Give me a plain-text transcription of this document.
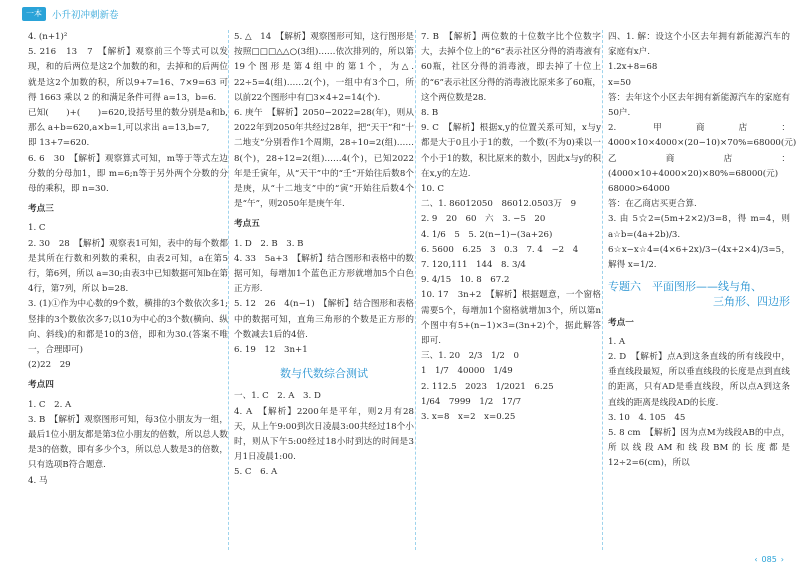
一本	小升初冲刺新卷

4. (n+1)²

5. 216　13　7　【解析】观察前三个等式可以发现，和的后两位是这2个加数的和，去掉和的后两位就是这2个加数的积，所以9+7=16、7×9=63 可得 1663 乘以 2 的和满足条件可得 a=13，b=6.

已知(　　)+(　　)=620,设括号里的数分别是a和b,那么 a+b=620,a×b=1,可以求出 a=13,b=7,

即 13+7=620.

6. 6　30　【解析】观察算式可知，m等于等式左边分数的分母加1，即 m=6;n等于另外两个分数的分母的乘积，即 n=30.

考点三

1. C

2. 30　28　【解析】观察表1可知，表中的每个数都是其所在行数和列数的乘积，由表2可知，a在第5行，第6列，所以 a=30;由表3中已知数据可知b在第4行，第7列，所以 b=28.

3. (1)①作为中心数的9个数，横排的3个数依次多1;竖排的3个数依次多7;以10为中心的3个数(横向、纵向、斜线)的和都是10的3倍，即和为30.(答案不唯一，合理即可)

(2)22　29

考点四

1. C　2. A

3. B　【解析】观察图形可知，每3位小朋友为一组，最后1位小朋友都是第3位小朋友的倍数，所以总人数是3的倍数，即有多少个3，所以总人数是3的倍数，只有选项B符合题意.

4. 马

5. △　14　【解析】观察图形可知，这行图形是按照□□□△△○(3组)……依次排列的，所以第19个图形是第4组中的第1个，为△. 22÷5=4(组)……2(个)，一组中有3个□，所以前22个图形中有□3×4+2=14(个).

6. 庚午　【解析】2050−2022=28(年)，则从2022年到2050年共经过28年，把“天干”和“十二地支”分别看作1个周期，28÷10=2(组)……8(个)，28÷12=2(组)……4(个)，已知2022年是壬寅年，从“天干”中的“壬”开始往后数8个是庚，从“十二地支”中的“寅”开始往后数4个是“午”，则2050年是庚午年.

考点五

1. D　2. B　3. B

4. 33　5a+3　【解析】结合图形和表格中的数据可知，每增加1个蓝色正方形就增加5个白色正方形.

5. 12　26　4(n−1)　【解析】结合图形和表格中的数据可知，直角三角形的个数是正方形的个数减去1后的4倍.

6. 19　12　3n+1

数与代数综合测试

一、1. C　2. A　3. D

4. A　【解析】2200年是平年，则2月有28天，从上午9:00到次日凌晨3:00共经过18个小时，则从下午5:00经过18小时到达的时间是3月1日凌晨1:00.

5. C　6. A

7. B　【解析】两位数的十位数字比个位数字大，去掉个位上的“6”表示社区分得的消毒液有60瓶，社区分得的消毒液，即去掉了十位上的“6”表示社区分得的消毒液比原来多了60瓶，这个两位数是28.

8. B

9. C　【解析】根据x,y的位置关系可知，x与y都是大于0且小于1的数，一个数(不为0)乘以一个小于1的数，积比原来的数小，因此x与y的积在x,y的左边.

10. C

二、1. 86012050　86012.0503万　9

2. 9　20　60　六　3. −5　20

4. 1/6　5　5. 2(n−1)−(3a+26)

6. 5600　6.25　3　0.3　7. 4　−2　4

7. 120,111　144　8. 3/4

9. 4/15　10. 8　67.2

10. 17　3n+2　【解析】根据题意，一个窗格需要5个，每增加1个窗格就增加3个，所以第n个图中有5+(n−1)×3=(3n+2)个，据此解答即可.

三、1. 20　2/3　1/2　0

1　1/7　40000　1/49

2. 112.5　2023　1/2021　6.25

1/64　7999　1/2　17/7

3. x=8　x=2　x=0.25

四、1. 解：设这个小区去年拥有新能源汽车的家庭有x户.

1.2x+8=68

x=50

答：去年这个小区去年拥有新能源汽车的家庭有50户.

2. 甲商店：4000×10×4000×(20−10)×70%=68000(元)

乙商店：(4000×10+4000×20)×80%=68000(元)

68000>64000

答：在乙商店买更合算.

3. 由 5☆2=(5m+2×2)/3=8，得 m=4，则 a☆b=(4a+2b)/3.

6☆x−x☆4=(4×6+2x)/3−(4x+2×4)/3=5，解得 x=1/2.

专题六　平面图形——线与角、
三角形、四边形
考点一

1. A

2. D　【解析】点A到这条直线的所有线段中，垂直线段最短，所以垂直线段的长度是点到直线的距离，只有AD是垂直线段，所以点A到这条直线的距离是线段AD的长度.

3. 10　4. 105　45

5. 8 cm　【解析】因为点M为线段AB的中点，所以线段AM和线段BM的长度都是12÷2=6(cm)，所以

‹ 085 ›
